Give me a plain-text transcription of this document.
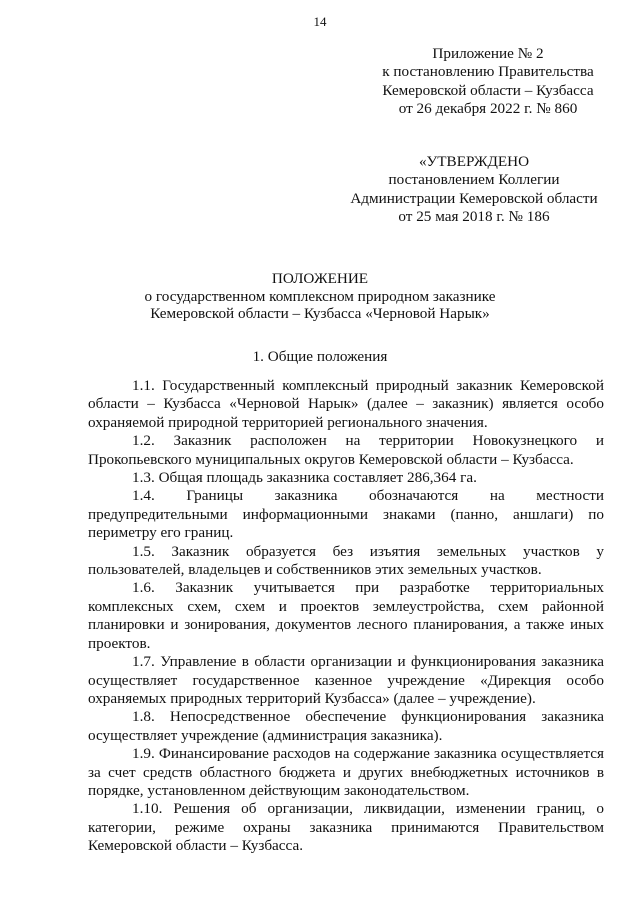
14
Приложение № 2
к постановлению Правительства
Кемеровской области – Кузбасса
от 26 декабря 2022 г. № 860
«УТВЕРЖДЕНО
постановлением Коллегии
Администрации Кемеровской области
от 25 мая 2018 г. № 186
ПОЛОЖЕНИЕ
о государственном комплексном природном заказнике
Кемеровской области – Кузбасса «Черновой Нарык»
1. Общие положения

1.1. Государственный комплексный природный заказник Кемеровской области – Кузбасса «Черновой Нарык» (далее – заказник) является особо охраняемой природной территорией регионального значения.

1.2. Заказник расположен на территории Новокузнецкого и Прокопьевского муниципальных округов Кемеровской области – Кузбасса.

1.3. Общая площадь заказника составляет 286,364 га.

1.4. Границы заказника обозначаются на местности предупредительными информационными знаками (панно, аншлаги) по периметру его границ.

1.5. Заказник образуется без изъятия земельных участков у пользователей, владельцев и собственников этих земельных участков.

1.6. Заказник учитывается при разработке территориальных комплексных схем, схем и проектов землеустройства, схем районной планировки и зонирования, документов лесного планирования, а также иных проектов.

1.7. Управление в области организации и функционирования заказника осуществляет государственное казенное учреждение «Дирекция особо охраняемых природных территорий Кузбасса» (далее – учреждение).

1.8. Непосредственное обеспечение функционирования заказника осуществляет учреждение (администрация заказника).

1.9. Финансирование расходов на содержание заказника осуществляется за счет средств областного бюджета и других внебюджетных источников в порядке, установленном действующим законодательством.

1.10. Решения об организации, ликвидации, изменении границ, о категории, режиме охраны заказника принимаются Правительством Кемеровской области – Кузбасса.
